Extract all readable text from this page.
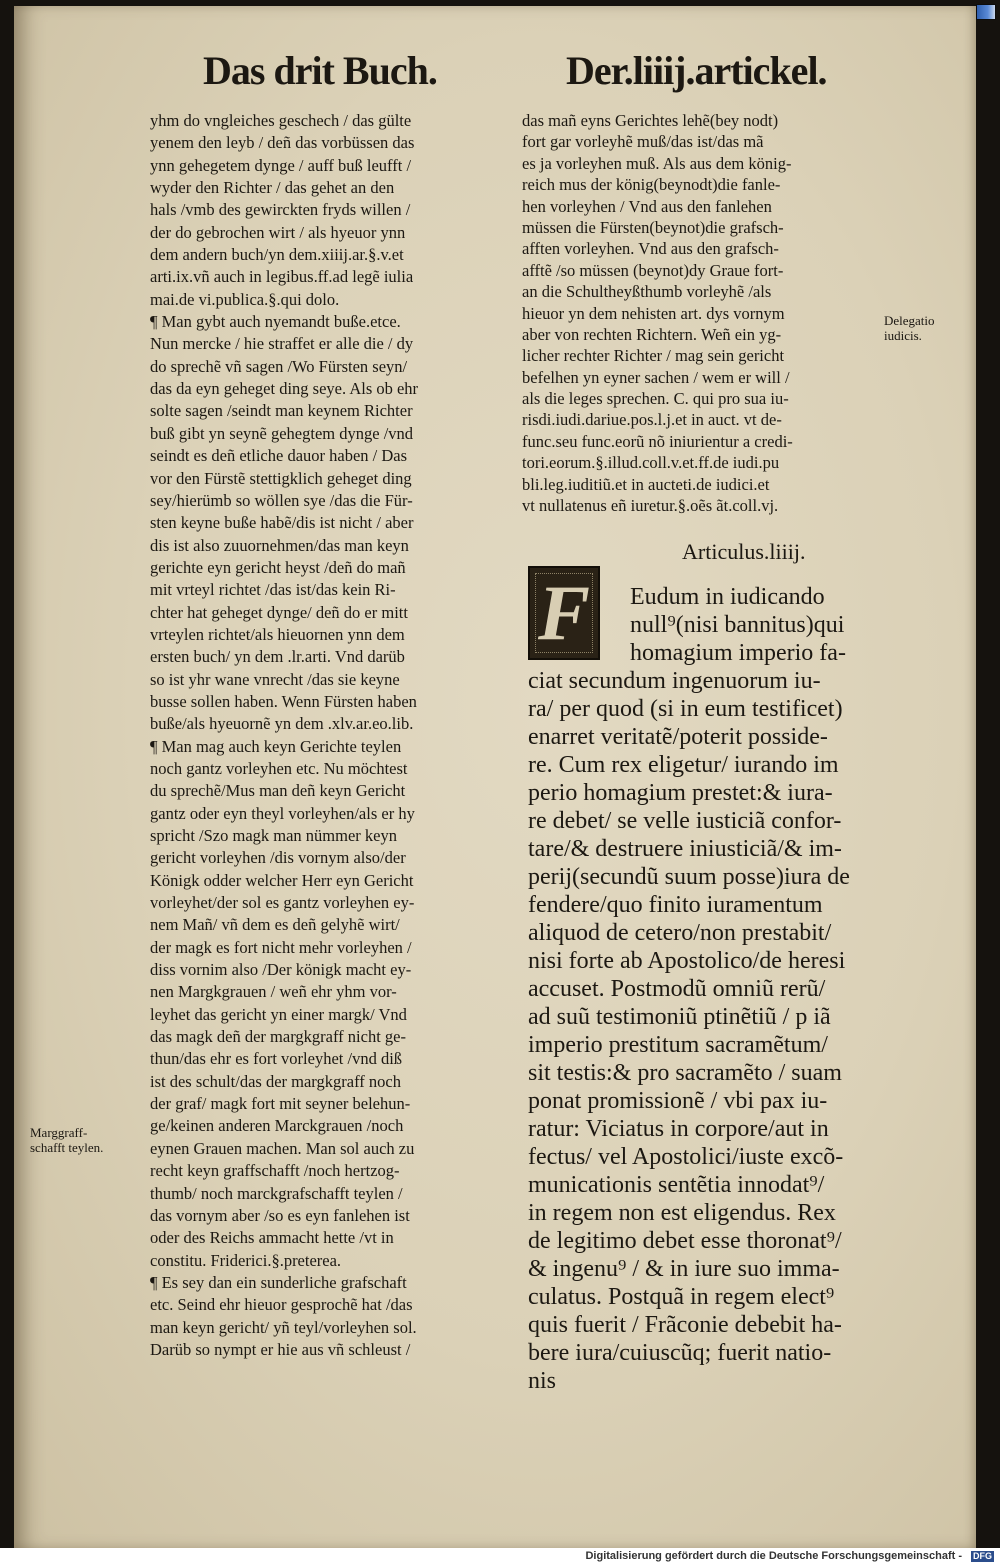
Das drit Buch.	Der.liiij.artickel.
yhm do vngleiches geschech / das gülte
yenem den leyb / deñ das vorbüssen das
ynn gehegetem dynge / auff buß leufft /
wyder den Richter / das gehet an den
hals /vmb des gewirckten fryds willen /
der do gebrochen wirt / als hyeuor ynn
dem andern buch/yn dem.xiiij.ar.§.v.et
arti.ix.vñ auch in legibus.ff.ad legẽ iulia
mai.de vi.publica.§.qui dolo.
¶ Man gybt auch nyemandt buße.etce.
Nun mercke / hie straffet er alle die / dy
do sprechẽ vñ sagen /Wo Fürsten seyn/
das da eyn geheget ding seye. Als ob ehr
solte sagen /seindt man keynem Richter
buß gibt yn seynẽ gehegtem dynge /vnd
seindt es deñ etliche dauor haben / Das
vor den Fürstẽ stettigklich geheget ding
sey/hierümb so wöllen sye /das die Für-
sten keyne buße habẽ/dis ist nicht / aber
dis ist also zuuornehmen/das man keyn
gerichte eyn gericht heyst /deñ do mañ
mit vrteyl richtet /das ist/das kein Ri-
chter hat geheget dynge/ deñ do er mitt
vrteylen richtet/als hieuornen ynn dem
ersten buch/ yn dem .lr.arti. Vnd darüb
so ist yhr wane vnrecht /das sie keyne
busse sollen haben. Wenn Fürsten haben
buße/als hyeuornẽ yn dem .xlv.ar.eo.lib.
¶ Man mag auch keyn Gerichte teylen
noch gantz vorleyhen etc. Nu möchtest
du sprechẽ/Mus man deñ keyn Gericht
gantz oder eyn theyl vorleyhen/als er hy
spricht /Szo magk man nümmer keyn
gericht vorleyhen /dis vornym also/der
Königk odder welcher Herr eyn Gericht
vorleyhet/der sol es gantz vorleyhen ey-
nem Mañ/ vñ dem es deñ gelyhẽ wirt/
der magk es fort nicht mehr vorleyhen /
diss vornim also /Der königk macht ey-
nen Margkgrauen / weñ ehr yhm vor-
leyhet das gericht yn einer margk/ Vnd
das magk deñ der margkgraff nicht ge-
thun/das ehr es fort vorleyhet /vnd diß
ist des schult/das der margkgraff noch
der graf/ magk fort mit seyner belehun-
ge/keinen anderen Marckgrauen /noch
eynen Grauen machen. Man sol auch zu
recht keyn graffschafft /noch hertzog-
thumb/ noch marckgrafschafft teylen /
das vornym aber /so es eyn fanlehen ist
oder des Reichs ammacht hette /vt in
constitu. Friderici.§.preterea.
¶ Es sey dan ein sunderliche grafschaft
etc. Seind ehr hieuor gesprochẽ hat /das
man keyn gericht/ yñ teyl/vorleyhen sol.
Darüb so nympt er hie aus vñ schleust /
das mañ eyns Gerichtes lehẽ(bey nodt)
fort gar vorleyhẽ muß/das ist/das mã
es ja vorleyhen muß. Als aus dem könig-
reich mus der könig(beynodt)die fanle-
hen vorleyhen / Vnd aus den fanlehen
müssen die Fürsten(beynot)die grafsch-
afften vorleyhen. Vnd aus den grafsch-
afftẽ /so müssen (beynot)dy Graue fort-
an die Schultheyßthumb vorleyhẽ /als
hieuor yn dem nehisten art. dys vornym
aber von rechten Richtern. Weñ ein yg-
licher rechter Richter / mag sein gericht
befelhen yn eyner sachen / wem er will /
als die leges sprechen. C. qui pro sua iu-
risdi.iudi.dariue.pos.l.j.et in auct. vt de-
func.seu func.eorũ nõ iniurientur a credi-
tori.eorum.§.illud.coll.v.et.ff.de iudi.pu
bli.leg.iuditiũ.et in aucteti.de iudici.et
vt nullatenus eñ iuretur.§.oẽs ãt.coll.vj.
Articulus.liiij.
F	Eudum in iudicando
null⁹(nisi bannitus)qui
homagium imperio fa-
ciat secundum ingenuorum iu-
ra/ per quod (si in eum testificet)
enarret veritatẽ/poterit posside-
re. Cum rex eligetur/ iurando im
perio homagium prestet:& iura-
re debet/ se velle iusticiã confor-
tare/& destruere iniusticiã/& im-
perij(secundũ suum posse)iura de
fendere/quo finito iuramentum
aliquod de cetero/non prestabit/
nisi forte ab Apostolico/de heresi
accuset. Postmodũ omniũ rerũ/
ad suũ testimoniũ ptinẽtiũ / p iã
imperio prestitum sacramẽtum/
sit testis:& pro sacramẽto / suam
ponat promissionẽ / vbi pax iu-
ratur: Viciatus in corpore/aut in
fectus/ vel Apostolici/iuste excõ-
municationis sentẽtia innodat⁹/
in regem non est eligendus. Rex
de legitimo debet esse thoronat⁹/
& ingenu⁹ / & in iure suo imma-
culatus. Postquã in regem elect⁹
quis fuerit / Frãconie debebit ha-
bere iura/cuiuscũq; fuerit natio-
nis
Delegatio
iudicis.
Marggraff-
schafft teylen.
Digitalisierung gefördert durch die Deutsche Forschungsgemeinschaft - DFG
